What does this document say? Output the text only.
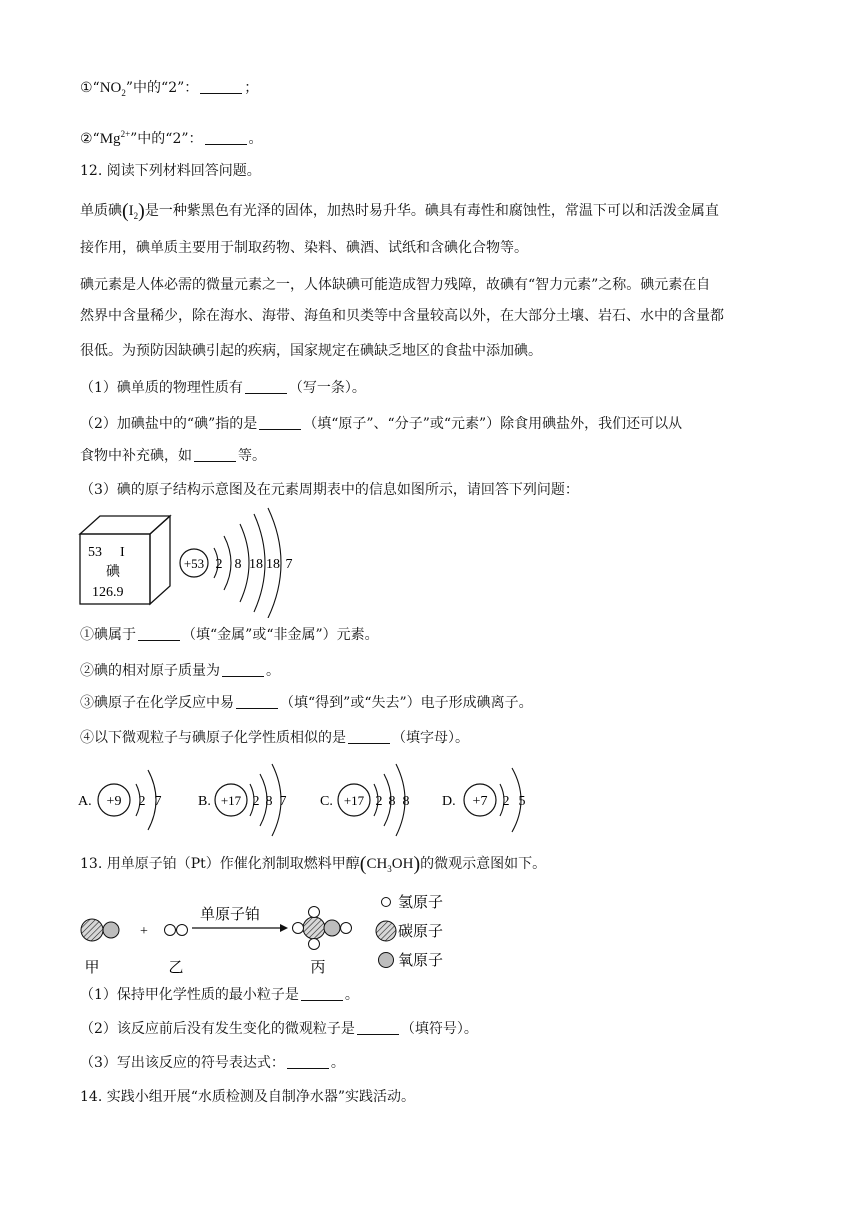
$①“NO_2$”中的“2”：	；
$②“Mg^{2+}$”中的“2”：	。
12. 阅读下列材料回答问题。
单质碘$(I_2)$是一种紫黑色有光泽的固体，加热时易升华。碘具有毒性和腐蚀性，常温下可以和活泼金属直
接作用，碘单质主要用于制取药物、染料、碘酒、试纸和含碘化合物等。
碘元素是人体必需的微量元素之一，人体缺碘可能造成智力残障，故碘有“智力元素”之称。碘元素在自
然界中含量稀少，除在海水、海带、海鱼和贝类等中含量较高以外，在大部分土壤、岩石、水中的含量都
很低。为预防因缺碘引起的疾病，国家规定在碘缺乏地区的食盐中添加碘。
（1）碘单质的物理性质有	（写一条）。
（2）加碘盐中的“碘”指的是	（填“原子”、“分子”或“元素”）除食用碘盐外，我们还可以从
食物中补充碘，如	等。
（3）碘的原子结构示意图及在元素周期表中的信息如图所示，请回答下列问题：
53 I
碘
126.9
+53 2 8 18 18 7
①碘属于	（填“金属”或“非金属”）元素。
②碘的相对原子质量为	。
③碘原子在化学反应中易	（填“得到”或“失去”）电子形成碘离子。
④以下微观粒子与碘原子化学性质相似的是	（填字母）。
A. +9 2 7	B. +17 2 8 7 C. +17 2 8 8 D. +7 2 5
13. 用单原子铂（Pt）作催化剂制取燃料甲醇$(CH_3OH)$的微观示意图如下。
+
单原子铂
甲	乙	丙
氢原子
碳原子
氧原子
（1）保持甲化学性质的最小粒子是	。
（2）该反应前后没有发生变化的微观粒子是	（填符号）。
（3）写出该反应的符号表达式：	。
14. 实践小组开展“水质检测及自制净水器”实践活动。
